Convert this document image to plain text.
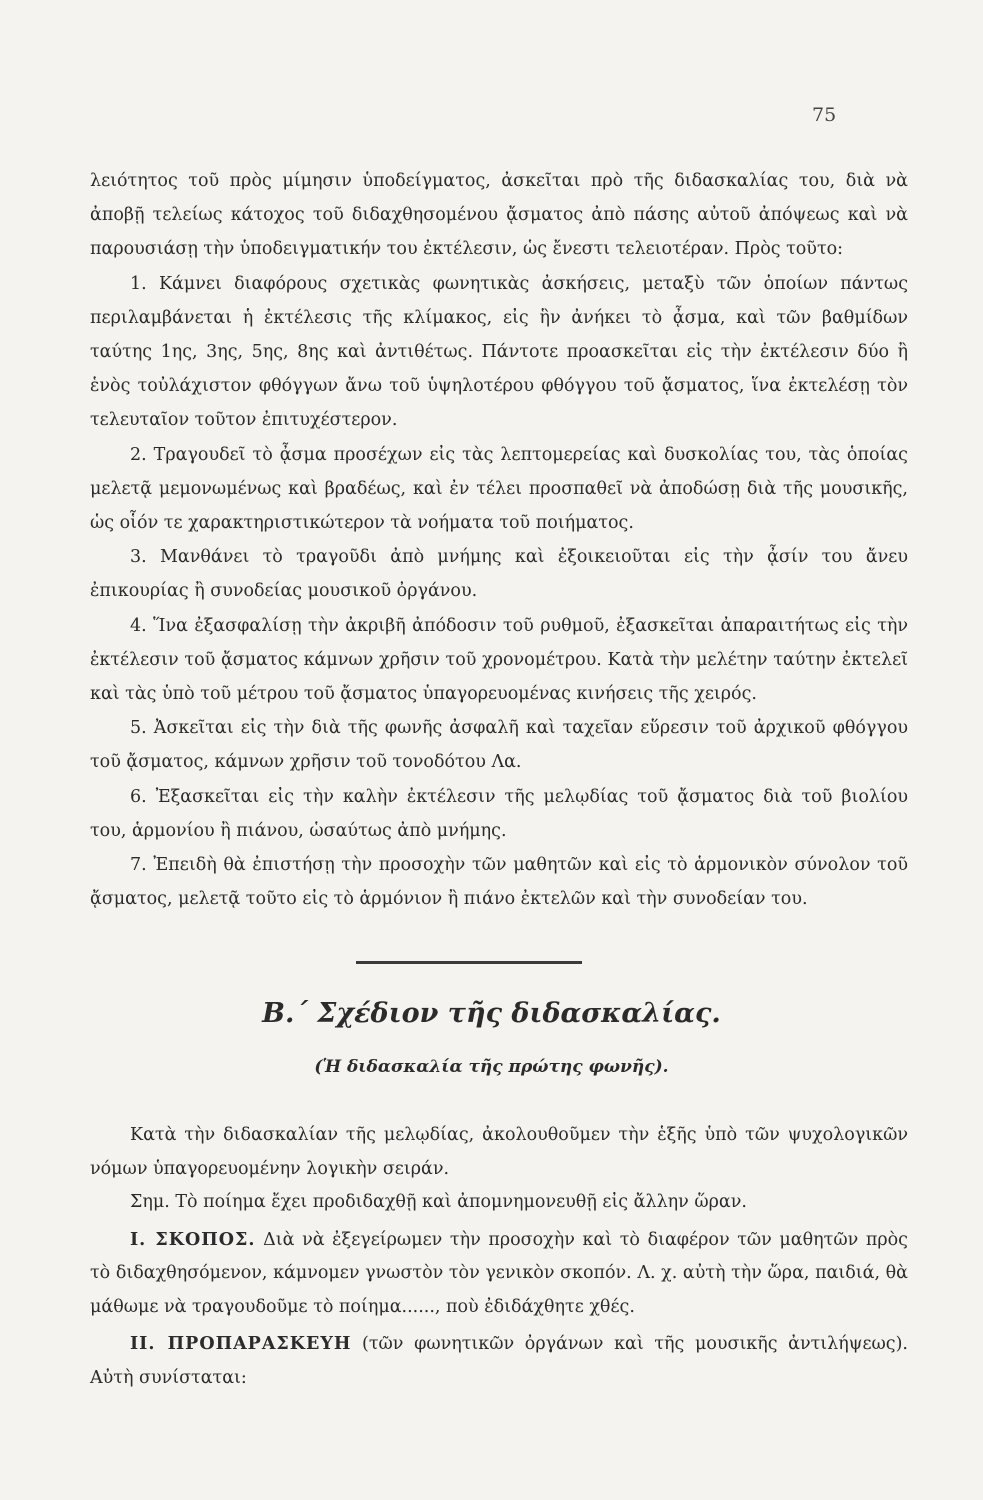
75

λειότητος τοῦ πρὸς μίμησιν ὑποδείγματος, ἀσκεῖται πρὸ τῆς διδασκαλίας του, διὰ νὰ ἀποβῇ τελείως κάτοχος τοῦ διδαχθησομένου ᾄσματος ἀπὸ πάσης αὐτοῦ ἀπόψεως καὶ νὰ παρουσιάσῃ τὴν ὑποδειγματικήν του ἐκτέλεσιν, ὡς ἔνεστι τελειοτέραν. Πρὸς τοῦτο:

1. Κάμνει διαφόρους σχετικὰς φωνητικὰς ἀσκήσεις, μεταξὺ τῶν ὁποίων πάντως περιλαμβάνεται ἡ ἐκτέλεσις τῆς κλίμακος, εἰς ἣν ἀνήκει τὸ ᾆσμα, καὶ τῶν βαθμίδων ταύτης 1ης, 3ης, 5ης, 8ης καὶ ἀντιθέτως. Πάντοτε προασκεῖται εἰς τὴν ἐκτέλεσιν δύο ἢ ἑνὸς τοὐλάχιστον φθόγγων ἄνω τοῦ ὑψηλοτέρου φθόγγου τοῦ ᾄσματος, ἵνα ἐκτελέσῃ τὸν τελευταῖον τοῦτον ἐπιτυχέστερον.

2. Τραγουδεῖ τὸ ᾆσμα προσέχων εἰς τὰς λεπτομερείας καὶ δυσκολίας του, τὰς ὁποίας μελετᾷ μεμονωμένως καὶ βραδέως, καὶ ἐν τέλει προσπαθεῖ νὰ ἀποδώσῃ διὰ τῆς μουσικῆς, ὡς οἷόν τε χαρακτηριστικώτερον τὰ νοήματα τοῦ ποιήματος.

3. Μανθάνει τὸ τραγοῦδι ἀπὸ μνήμης καὶ ἐξοικειοῦται εἰς τὴν ᾆσίν του ἄνευ ἐπικουρίας ἢ συνοδείας μουσικοῦ ὀργάνου.

4. Ἵνα ἐξασφαλίσῃ τὴν ἀκριβῆ ἀπόδοσιν τοῦ ρυθμοῦ, ἐξασκεῖται ἀπαραιτήτως εἰς τὴν ἐκτέλεσιν τοῦ ᾄσματος κάμνων χρῆσιν τοῦ χρονομέτρου. Κατὰ τὴν μελέτην ταύτην ἐκτελεῖ καὶ τὰς ὑπὸ τοῦ μέτρου τοῦ ᾄσματος ὑπαγορευομένας κινήσεις τῆς χειρός.

5. Ἀσκεῖται εἰς τὴν διὰ τῆς φωνῆς ἀσφαλῆ καὶ ταχεῖαν εὕρεσιν τοῦ ἀρχικοῦ φθόγγου τοῦ ᾄσματος, κάμνων χρῆσιν τοῦ τονοδότου Λα.

6. Ἐξασκεῖται εἰς τὴν καλὴν ἐκτέλεσιν τῆς μελῳδίας τοῦ ᾄσματος διὰ τοῦ βιολίου του, ἁρμονίου ἢ πιάνου, ὡσαύτως ἀπὸ μνήμης.

7. Ἐπειδὴ θὰ ἐπιστήσῃ τὴν προσοχὴν τῶν μαθητῶν καὶ εἰς τὸ ἁρμονικὸν σύνολον τοῦ ᾄσματος, μελετᾷ τοῦτο εἰς τὸ ἁρμόνιον ἢ πιάνο ἐκτελῶν καὶ τὴν συνοδείαν του.

Β.΄ Σχέδιον τῆς διδασκαλίας.
(Ἡ διδασκαλία τῆς πρώτης φωνῆς).

Κατὰ τὴν διδασκαλίαν τῆς μελῳδίας, ἀκολουθοῦμεν τὴν ἑξῆς ὑπὸ τῶν ψυχολογικῶν νόμων ὑπαγορευομένην λογικὴν σειράν.

Σημ. Τὸ ποίημα ἔχει προδιδαχθῇ καὶ ἀπομνημονευθῇ εἰς ἄλλην ὥραν.

Ι. ΣΚΟΠΟΣ. Διὰ νὰ ἐξεγείρωμεν τὴν προσοχὴν καὶ τὸ διαφέρον τῶν μαθητῶν πρὸς τὸ διδαχθησόμενον, κάμνομεν γνωστὸν τὸν γενικὸν σκοπόν. Λ. χ. αὐτὴ τὴν ὥρα, παιδιά, θὰ μάθωμε νὰ τραγουδοῦμε τὸ ποίημα......, ποὺ ἐδιδάχθητε χθές.

ΙΙ. ΠΡΟΠΑΡΑΣΚΕΥΗ (τῶν φωνητικῶν ὀργάνων καὶ τῆς μουσικῆς ἀντιλήψεως). Αὐτὴ συνίσταται:
